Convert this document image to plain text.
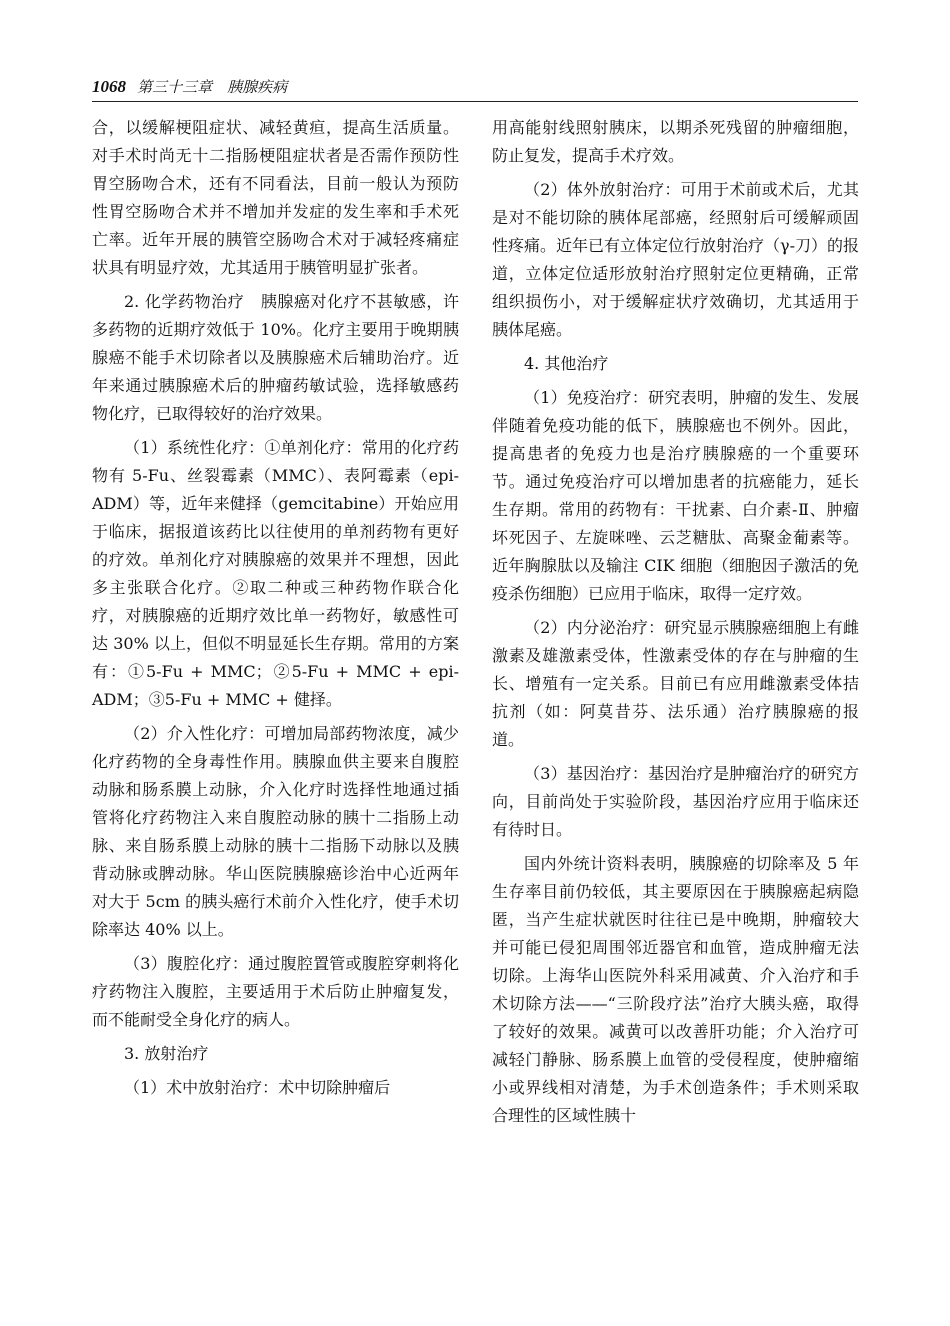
1068 第三十三章　胰腺疾病

合，以缓解梗阻症状、减轻黄疸，提高生活质量。对手术时尚无十二指肠梗阻症状者是否需作预防性胃空肠吻合术，还有不同看法，目前一般认为预防性胃空肠吻合术并不增加并发症的发生率和手术死亡率。近年开展的胰管空肠吻合术对于减轻疼痛症状具有明显疗效，尤其适用于胰管明显扩张者。

2. 化学药物治疗　胰腺癌对化疗不甚敏感，许多药物的近期疗效低于 10%。化疗主要用于晚期胰腺癌不能手术切除者以及胰腺癌术后辅助治疗。近年来通过胰腺癌术后的肿瘤药敏试验，选择敏感药物化疗，已取得较好的治疗效果。

（1）系统性化疗：①单剂化疗：常用的化疗药物有 5-Fu、丝裂霉素（MMC）、表阿霉素（epi-ADM）等，近年来健择（gemcitabine）开始应用于临床，据报道该药比以往使用的单剂药物有更好的疗效。单剂化疗对胰腺癌的效果并不理想，因此多主张联合化疗。②取二种或三种药物作联合化疗，对胰腺癌的近期疗效比单一药物好，敏感性可达 30% 以上，但似不明显延长生存期。常用的方案有：①5-Fu + MMC；②5-Fu + MMC + epi-ADM；③5-Fu + MMC + 健择。

（2）介入性化疗：可增加局部药物浓度，减少化疗药物的全身毒性作用。胰腺血供主要来自腹腔动脉和肠系膜上动脉，介入化疗时选择性地通过插管将化疗药物注入来自腹腔动脉的胰十二指肠上动脉、来自肠系膜上动脉的胰十二指肠下动脉以及胰背动脉或脾动脉。华山医院胰腺癌诊治中心近两年对大于 5cm 的胰头癌行术前介入性化疗，使手术切除率达 40% 以上。

（3）腹腔化疗：通过腹腔置管或腹腔穿刺将化疗药物注入腹腔，主要适用于术后防止肿瘤复发，而不能耐受全身化疗的病人。

3. 放射治疗

（1）术中放射治疗：术中切除肿瘤后

用高能射线照射胰床，以期杀死残留的肿瘤细胞，防止复发，提高手术疗效。

（2）体外放射治疗：可用于术前或术后，尤其是对不能切除的胰体尾部癌，经照射后可缓解顽固性疼痛。近年已有立体定位行放射治疗（γ-刀）的报道，立体定位适形放射治疗照射定位更精确，正常组织损伤小，对于缓解症状疗效确切，尤其适用于胰体尾癌。

4. 其他治疗

（1）免疫治疗：研究表明，肿瘤的发生、发展伴随着免疫功能的低下，胰腺癌也不例外。因此，提高患者的免疫力也是治疗胰腺癌的一个重要环节。通过免疫治疗可以增加患者的抗癌能力，延长生存期。常用的药物有：干扰素、白介素-Ⅱ、肿瘤坏死因子、左旋咪唑、云芝糖肽、高聚金葡素等。近年胸腺肽以及输注 CIK 细胞（细胞因子激活的免疫杀伤细胞）已应用于临床，取得一定疗效。

（2）内分泌治疗：研究显示胰腺癌细胞上有雌激素及雄激素受体，性激素受体的存在与肿瘤的生长、增殖有一定关系。目前已有应用雌激素受体拮抗剂（如：阿莫昔芬、法乐通）治疗胰腺癌的报道。

（3）基因治疗：基因治疗是肿瘤治疗的研究方向，目前尚处于实验阶段，基因治疗应用于临床还有待时日。

国内外统计资料表明，胰腺癌的切除率及 5 年生存率目前仍较低，其主要原因在于胰腺癌起病隐匿，当产生症状就医时往往已是中晚期，肿瘤较大并可能已侵犯周围邻近器官和血管，造成肿瘤无法切除。上海华山医院外科采用减黄、介入治疗和手术切除方法——“三阶段疗法”治疗大胰头癌，取得了较好的效果。减黄可以改善肝功能；介入治疗可减轻门静脉、肠系膜上血管的受侵程度，使肿瘤缩小或界线相对清楚，为手术创造条件；手术则采取合理性的区域性胰十
